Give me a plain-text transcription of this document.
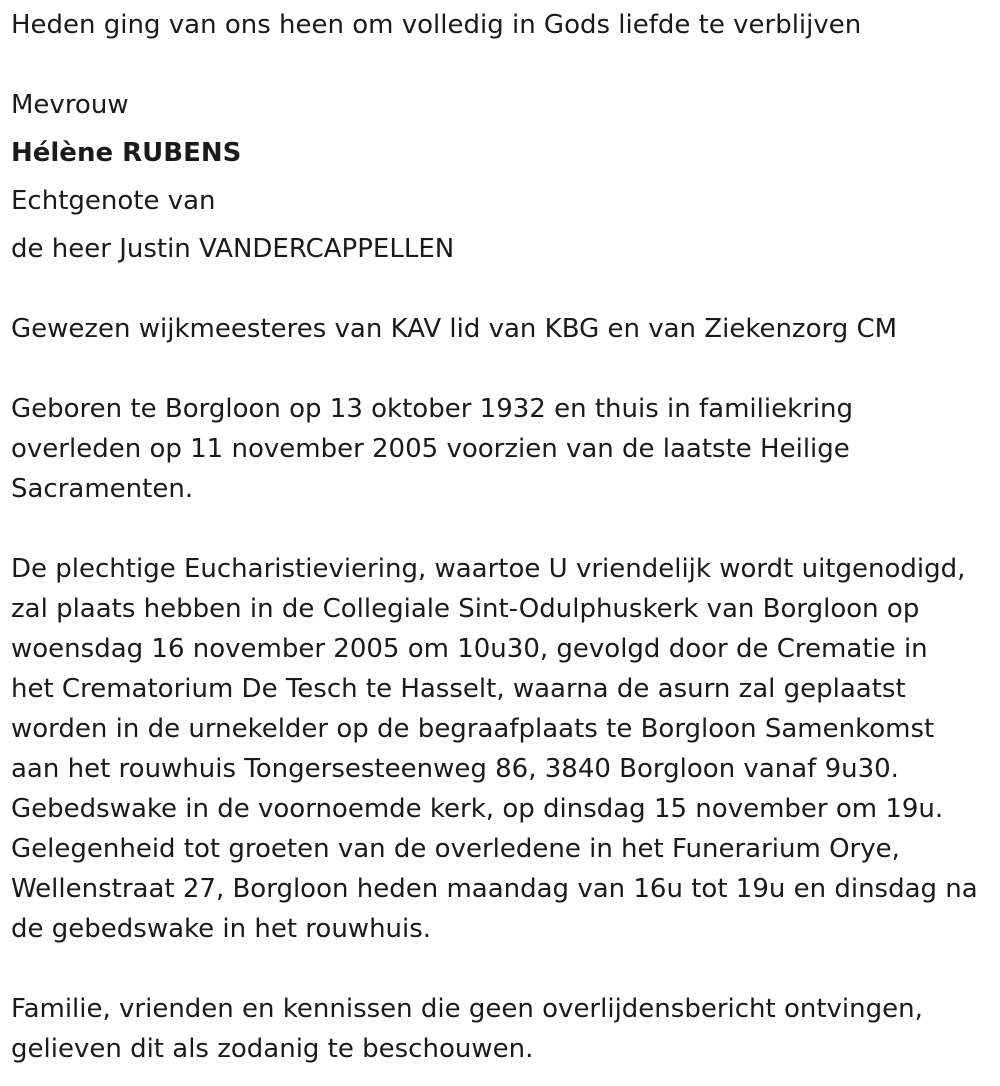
Heden ging van ons heen om volledig in Gods liefde te verblijven
Mevrouw
Hélène RUBENS
Echtgenote van
de heer Justin VANDERCAPPELLEN
Gewezen wijkmeesteres van KAV lid van KBG en van Ziekenzorg CM
Geboren te Borgloon op 13 oktober 1932 en thuis in familiekring
overleden op 11 november 2005 voorzien van de laatste Heilige
Sacramenten.
De plechtige Eucharistieviering, waartoe U vriendelijk wordt uitgenodigd,
zal plaats hebben in de Collegiale Sint-Odulphuskerk van Borgloon op
woensdag 16 november 2005 om 10u30, gevolgd door de Crematie in
het Crematorium De Tesch te Hasselt, waarna de asurn zal geplaatst
worden in de urnekelder op de begraafplaats te Borgloon Samenkomst
aan het rouwhuis Tongersesteenweg 86, 3840 Borgloon vanaf 9u30.
Gebedswake in de voornoemde kerk, op dinsdag 15 november om 19u.
Gelegenheid tot groeten van de overledene in het Funerarium Orye,
Wellenstraat 27, Borgloon heden maandag van 16u tot 19u en dinsdag na
de gebedswake in het rouwhuis.
Familie, vrienden en kennissen die geen overlijdensbericht ontvingen,
gelieven dit als zodanig te beschouwen.
